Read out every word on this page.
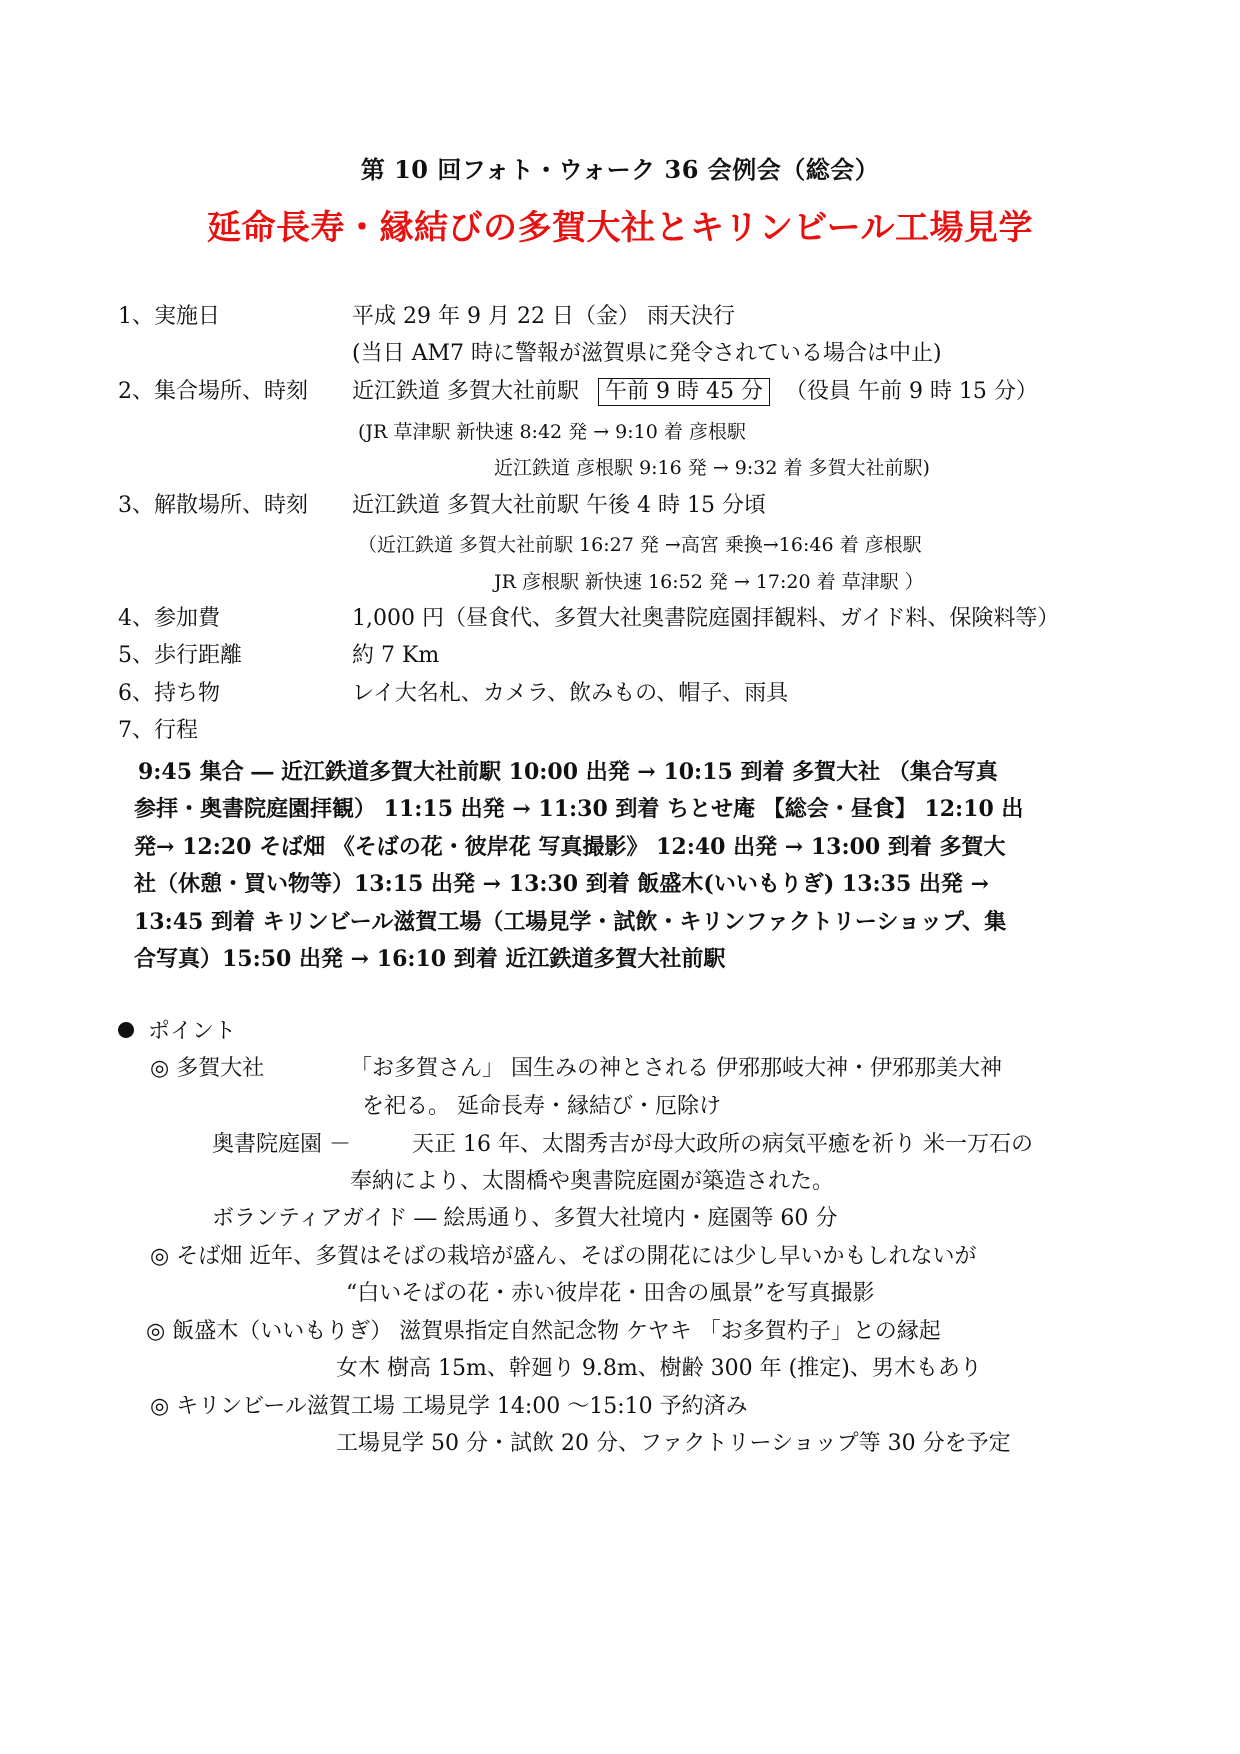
第 10 回フォト・ウォーク 36 会例会（総会）
延命長寿・縁結びの多賀大社とキリンビール工場見学
1、実施日	平成 29 年 9 月 22 日（金） 雨天決行
(当日 AM7 時に警報が滋賀県に発令されている場合は中止)
2、集合場所、時刻 近江鉄道 多賀大社前駅 午前 9 時 45 分 （役員 午前 9 時 15 分）
(JR 草津駅 新快速 8:42 発 → 9:10 着 彦根駅
近江鉄道 彦根駅 9:16 発 → 9:32 着 多賀大社前駅)
3、解散場所、時刻 近江鉄道 多賀大社前駅 午後 4 時 15 分頃
（近江鉄道 多賀大社前駅 16:27 発 →高宮 乗換→16:46 着 彦根駅
JR 彦根駅 新快速 16:52 発 → 17:20 着 草津駅 ）
4、参加費	1,000 円（昼食代、多賀大社奥書院庭園拝観料、ガイド料、保険料等）
5、歩行距離	約 7 Km
6、持ち物	レイ大名札、カメラ、飲みもの、帽子、雨具
7、行程
9:45 集合 ― 近江鉄道多賀大社前駅 10:00 出発 → 10:15 到着 多賀大社 （集合写真
参拝・奥書院庭園拝観） 11:15 出発 → 11:30 到着 ちとせ庵 【総会・昼食】 12:10 出
発→ 12:20 そば畑 《そばの花・彼岸花 写真撮影》 12:40 出発 → 13:00 到着 多賀大
社（休憩・買い物等）13:15 出発 → 13:30 到着 飯盛木(いいもりぎ) 13:35 出発 →
13:45 到着 キリンビール滋賀工場（工場見学・試飲・キリンファクトリーショップ、集
合写真）15:50 出発 → 16:10 到着 近江鉄道多賀大社前駅
ポイント
◎ 多賀大社	「お多賀さん」 国生みの神とされる 伊邪那岐大神・伊邪那美大神
を祀る。 延命長寿・縁結び・厄除け
奥書院庭園 －	天正 16 年、太閤秀吉が母大政所の病気平癒を祈り 米一万石の
奉納により、太閤橋や奥書院庭園が築造された。
ボランティアガイド ― 絵馬通り、多賀大社境内・庭園等 60 分
◎ そば畑 近年、多賀はそばの栽培が盛ん、そばの開花には少し早いかもしれないが
“白いそばの花・赤い彼岸花・田舎の風景”を写真撮影
◎ 飯盛木（いいもりぎ） 滋賀県指定自然記念物 ケヤキ 「お多賀杓子」との縁起
女木 樹高 15m、幹廻り 9.8m、樹齢 300 年 (推定)、男木もあり
◎ キリンビール滋賀工場 工場見学 14:00 ～15:10 予約済み
工場見学 50 分・試飲 20 分、ファクトリーショップ等 30 分を予定
